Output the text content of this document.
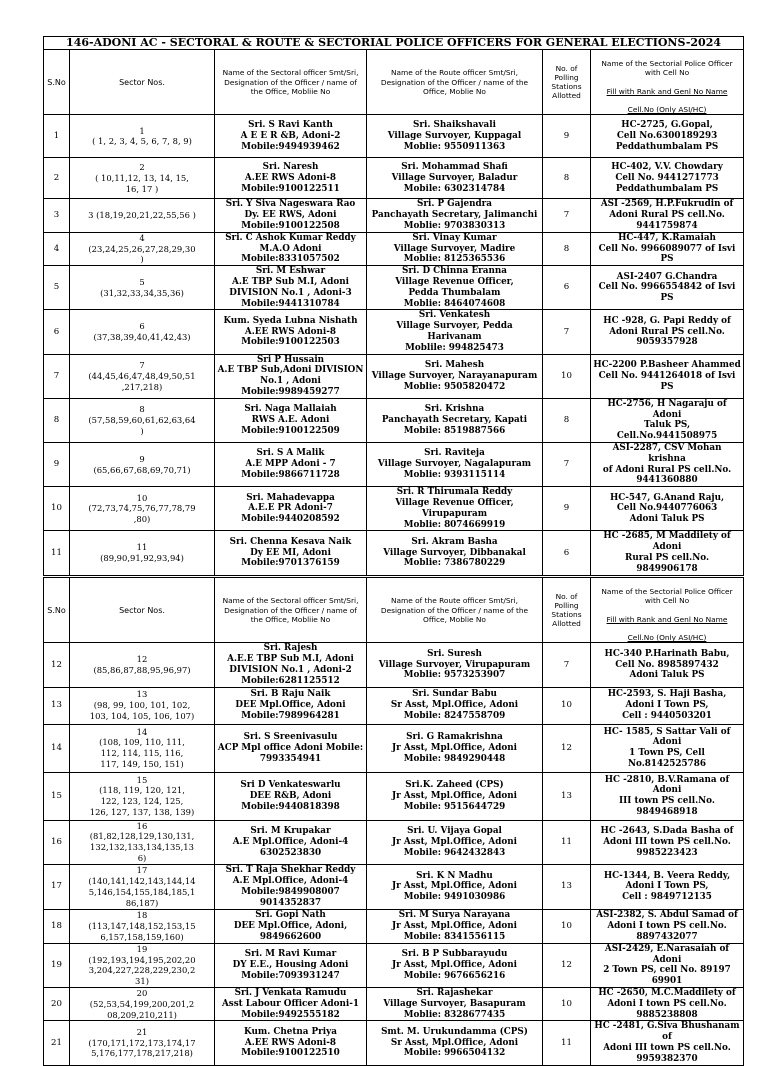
146-ADONI AC - SECTORAL & ROUTE & SECTORIAL POLICE OFFICERS FOR GENERAL ELECTIONS-2024					
S.No	Sector Nos.	Name of the Sectoral officer Smt/Sri, Designation of the Officer / name of the Office, Mobliie No	Name of the Route officer Smt/Sri, Designation of the Officer / name of the Office, Moblie No	No. of Polling Stations Allotted	Name of the Sectorial Police Officer with Cell No

Fill with Rank and Genl No Name

Cell.No (Only ASI/HC)

1	1
( 1, 2, 3, 4, 5, 6, 7, 8, 9)	Sri. S Ravi Kanth
A E E R &B, Adoni-2
Mobile:9494939462	Sri. Shaikshavali
Village Survoyer, Kuppagal
Moblie: 9550911363	9	HC-2725, G.Gopal,
Cell No.6300189293
Peddathumbalam PS
2	2
( 10,11,12, 13, 14, 15,
16, 17 )	Sri. Naresh
A.EE RWS Adoni-8
Mobile:9100122511	Sri. Mohammad Shafi
Village Survoyer, Baladur
Mobile: 6302314784	8	HC-402, V.V. Chowdary
Cell No. 9441271773
Peddathumbalam PS
3	3 (18,19,20,21,22,55,56 )	Sri. Y Siva Nageswara Rao
Dy. EE RWS, Adoni
Mobile:9100122508	Sri. P Gajendra
Panchayath Secretary, Jalimanchi
Moblie: 9703830313	7	ASI -2569, H.P.Fukrudin of
Adoni Rural PS cell.No.
9441759874
4	4
(23,24,25,26,27,28,29,30
)	Sri. C Ashok Kumar Reddy
M.A.O Adoni
Mobile:8331057502	Sri. Vinay Kumar
Village Survoyer, Madire
Moblie: 8125365536	8	HC-447, K.Ramaiah
Cell No. 9966089077 of Isvi PS
5	5
(31,32,33,34,35,36)	Sri. M Eshwar
A.E TBP Sub M.I, Adoni
DIVISION No.1 , Adoni-3
Mobile:9441310784	Sri. D Chinna Eranna
Village Revenue Officer,
Pedda Thumbalam
Moblie: 8464074608	6	ASI-2407 G.Chandra
Cell No. 9966554842 of Isvi PS
6	6
(37,38,39,40,41,42,43)	Kum. Syeda Lubna Nishath
A.EE RWS Adoni-8
Mobile:9100122503	Sri. Venkatesh
Village Survoyer, Pedda Harivanam
Moblile: 994825473	7	HC -928, G. Papi Reddy of
Adoni Rural PS cell.No.
9059357928
7	7
(44,45,46,47,48,49,50,51
,217,218)	Sri P Hussain
A.E TBP Sub,Adoni DIVISION
No.1 , Adoni
Mobile:9989459277	Sri. Mahesh
Village Survoyer, Narayanapuram
Moblie: 9505820472	10	HC-2200 P.Basheer Ahammed
Cell No. 9441264018 of Isvi PS
8	8
(57,58,59,60,61,62,63,64
)	Sri. Naga Mallaiah
RWS A.E. Adoni
Mobile:9100122509	Sri. Krishna
Panchayath Secretary, Kapati
Mobile: 8519887566	8	HC-2756, H Nagaraju of Adoni
Taluk PS, Cell.No.9441508975
9	9
(65,66,67,68,69,70,71)	Sri. S A Malik
A.E MPP Adoni - 7
Mobile:9866711728	Sri. Raviteja
Village Survoyer, Nagalapuram
Moblie: 9393115114	7	ASI-2287, CSV Mohan krishna
of Adoni Rural PS cell.No.
9441360880
10	10
(72,73,74,75,76,77,78,79
,80)	Sri. Mahadevappa
A.E.E PR Adoni-7
Mobile:9440208592	Sri. R Thirumala Reddy
Village Revenue Officer, Virupapuram
Moblie: 8074669919	9	HC-547, G.Anand Raju,
Cell No.9440776063
Adoni Taluk PS
11	11
(89,90,91,92,93,94)	Sri. Chenna Kesava Naik
Dy EE MI, Adoni
Mobile:9701376159	Sri. Akram Basha
Village Survoyer, Dibbanakal
Moblie: 7386780229	6	HC -2685, M Maddilety of Adoni
Rural PS cell.No. 9849906178
S.No	Sector Nos.	Name of the Sectoral officer Smt/Sri, Designation of the Officer / name of the Office, Mobliie No	Name of the Route officer Smt/Sri, Designation of the Officer / name of the Office, Moblie No	No. of Polling Stations Allotted	Name of the Sectorial Police Officer with Cell No

Fill with Rank and Genl No Name

Cell.No (Only ASI/HC)

12	12
(85,86,87,88,95,96,97)	Sri. Rajesh
A.E.E TBP Sub M.I, Adoni
DIVISION No.1 , Adoni-2
Mobile:6281125512	Sri. Suresh
Village Survoyer, Virupapuram
Moblie: 9573253907	7	HC-340 P.Harinath Babu,
Cell No. 8985897432
Adoni Taluk PS
13	13
(98, 99, 100, 101, 102,
103, 104, 105, 106, 107)	Sri. B Raju Naik
DEE Mpl.Office, Adoni
Mobile:7989964281	Sri. Sundar Babu
Sr Asst, Mpl.Office, Adoni
Mobile: 8247558709	10	HC-2593, S. Haji Basha,
Adoni I Town PS,
Cell : 9440503201
14	14
(108, 109, 110, 111,
112, 114, 115, 116,
117, 149, 150, 151)	Sri. S Sreenivasulu
ACP Mpl office Adoni Mobile:
7993354941	Sri. G Ramakrishna
Jr Asst, Mpl.Office, Adoni
Mobile: 9849290448	12	HC- 1585, S Sattar Vali of Adoni
1 Town PS, Cell No.8142525786
15	15
(118, 119, 120, 121,
122, 123, 124, 125,
126, 127, 137, 138, 139)	Sri D Venkateswarlu
DEE R&B, Adoni
Mobile:9440818398	Sri.K. Zaheed (CPS)
Jr Asst, Mpl.Office, Adoni
Mobile: 9515644729	13	HC -2810, B.V.Ramana of Adoni
III town PS cell.No. 9849468918
16	16
(81,82,128,129,130,131,
132,132,133,134,135,13
6)	Sri. M Krupakar
A.E Mpl.Office, Adoni-4
6302523830	Sri. U. Vijaya Gopal
Jr Asst, Mpl.Office, Adoni
Mobile: 9642432843	11	HC -2643, S.Dada Basha of
Adoni III town PS cell.No.
9985223423
17	17
(140,141,142,143,144,14
5,146,154,155,184,185,1
86,187)	Sri. T Raja Shekhar Reddy
A.E Mpl.Office, Adoni-4
Mobile:9849908007
9014352837	Sri. K N Madhu
Jr Asst, Mpl.Office, Adoni
Mobile: 9491030986	13	HC-1344, B. Veera Reddy,
Adoni I Town PS,
Cell : 9849712135
18	18
(113,147,148,152,153,15
6,157,158,159,160)	Sri. Gopi Nath
DEE Mpl.Office, Adoni,
9849662600	Sri. M Surya Narayana
Jr Asst, Mpl.Office, Adoni
Mobile: 8341556115	10	ASI-2382, S. Abdul Samad of
Adoni I town PS cell.No.
8897432077
19	19
(192,193,194,195,202,20
3,204,227,228,229,230,2
31)	Sri. M Ravi Kumar
DY E.E., Housing Adoni
Mobile:7093931247	Sri. B P Subbarayudu
Jr Asst, Mpl.Office, Adoni
Mobile: 9676656216	12	ASI-2429, E.Narasaiah of Adoni
2 Town PS, cell No. 89197
69901
20	20
(52,53,54,199,200,201,2
08,209,210,211)	Sri. J Venkata Ramudu
Asst Labour Officer Adoni-1
Mobile:9492555182	Sri. Rajashekar
Village Survoyer, Basapuram
Moblie: 8328677435	10	HC -2650, M.C.Maddilety of
Adoni I town PS cell.No.
9885238808
21	21
(170,171,172,173,174,17
5,176,177,178,217,218)	Kum. Chetna Priya
A.EE RWS Adoni-8
Mobile:9100122510	Smt. M. Urukundamma (CPS)
Sr Asst, Mpl.Office, Adoni
Mobile: 9966504132	11	HC -2481, G.Siva Bhushanam of
Adoni III town PS cell.No.
9959382370
